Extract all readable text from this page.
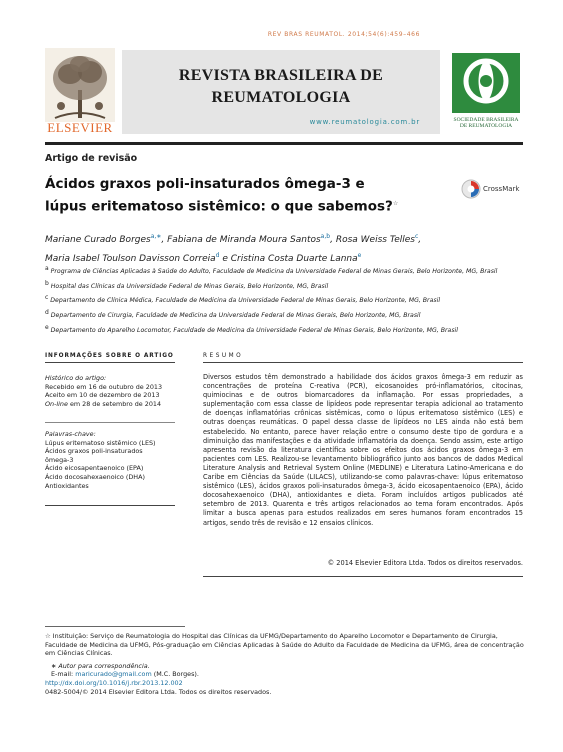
REV BRAS REUMATOL. 2014;54(6):459–466
ELSEVIER
REVISTA BRASILEIRA DE
REUMATOLOGIA
www.reumatologia.com.br	SOCIEDADE BRASILEIRA
DE REUMATOLOGIA
Artigo de revisão
Ácidos graxos poli-insaturados ômega-3 e lúpus eritematoso sistêmico: o que sabemos?☆
CrossMark
Mariane Curado Borges$^{a,∗}$, Fabiana de Miranda Moura Santos$^{a,b}$, Rosa Weiss Telles$^c$,
Maria Isabel Toulson Davisson Correia$^d$ e Cristina Costa Duarte Lanna$^e$
$^a$ Programa de Ciências Aplicadas à Saúde do Adulto, Faculdade de Medicina da Universidade Federal de Minas Gerais, Belo Horizonte, MG, Brasil
$^b$ Hospital das Clínicas da Universidade Federal de Minas Gerais, Belo Horizonte, MG, Brasil
$^c$ Departamento de Clínica Médica, Faculdade de Medicina da Universidade Federal de Minas Gerais, Belo Horizonte, MG, Brasil
$^d$ Departamento de Cirurgia, Faculdade de Medicina da Universidade Federal de Minas Gerais, Belo Horizonte, MG, Brasil
$^e$ Departamento do Aparelho Locomotor, Faculdade de Medicina da Universidade Federal de Minas Gerais, Belo Horizonte, MG, Brasil
INFORMAÇÕES SOBRE O ARTIGO	RESUMO
Histórico do artigo:
Recebido em 16 de outubro de 2013
Aceito em 10 de dezembro de 2013
On-line em 28 de setembro de 2014
Palavras-chave:
Lúpus eritematoso sistêmico (LES)
Ácidos graxos poli-insaturados
ômega-3
Ácido eicosapentaenoico (EPA)
Ácido docosahexaenoico (DHA)
Antioxidantes
Diversos estudos têm demonstrado a habilidade dos ácidos graxos ômega-3 em reduzir as concentrações de proteína C-reativa (PCR), eicosanoides pró-inflamatórios, citocinas, quimiocinas e de outros biomarcadores da inflamação. Por essas propriedades, a suplementação com essa classe de lipídeos pode representar terapia adicional ao tratamento de doenças inflamatórias crônicas sistêmicas, como o lúpus eritematoso sistêmico (LES) e outras doenças reumáticas. O papel dessa classe de lipídeos no LES ainda não está bem estabelecido. No entanto, parece haver relação entre o consumo deste tipo de gordura e a diminuição das manifestações e da atividade inflamatória da doença. Sendo assim, este artigo apresenta revisão da literatura científica sobre os efeitos dos ácidos graxos ômega-3 em pacientes com LES. Realizou-se levantamento bibliográfico junto aos bancos de dados Medical Literature Analysis and Retrieval System Online (MEDLINE) e Literatura Latino-Americana e do Caribe em Ciências da Saúde (LILACS), utilizando-se como palavras-chave: lúpus eritematoso sistêmico (LES), ácidos graxos poli-insaturados ômega-3, ácido eicosapentaenoico (EPA), ácido docosahexaenoico (DHA), antioxidantes e dieta. Foram incluídos artigos publicados até setembro de 2013. Quarenta e três artigos relacionados ao tema foram encontrados. Após limitar a busca apenas para estudos realizados em seres humanos foram encontrados 15 artigos, sendo três de revisão e 12 ensaios clínicos.
© 2014 Elsevier Editora Ltda. Todos os direitos reservados.
☆ Instituição: Serviço de Reumatologia do Hospital das Clínicas da UFMG/Departamento do Aparelho Locomotor e Departamento de Cirurgia, Faculdade de Medicina da UFMG, Pós-graduação em Ciências Aplicadas à Saúde do Adulto da Faculdade de Medicina da UFMG, área de concentração em Ciências Clínicas.
∗ Autor para correspondência.
E-mail: maricurado@gmail.com (M.C. Borges).
http://dx.doi.org/10.1016/j.rbr.2013.12.002
0482-5004/© 2014 Elsevier Editora Ltda. Todos os direitos reservados.
